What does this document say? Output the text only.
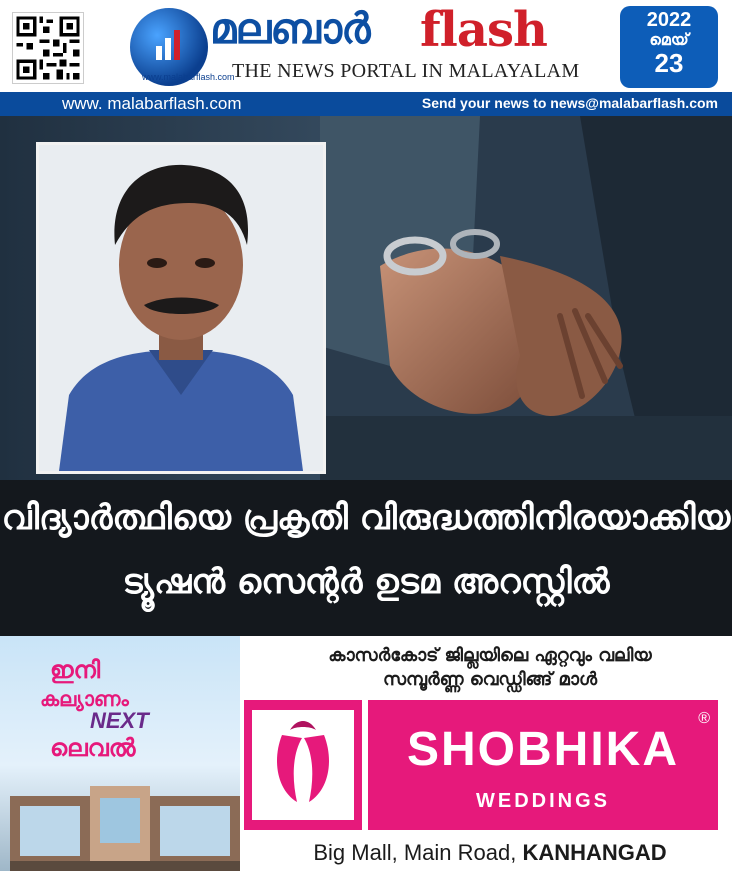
www.malabarflash.com
മലബാർ flash
THE NEWS PORTAL IN MALAYALAM
2022
മെയ്
23
www. malabarflash.com	Send your news to news@malabarflash.com
വിദ്യാർത്ഥിയെ പ്രകൃതി വിരുദ്ധത്തിനിരയാക്കിയ
ട്യൂഷൻ സെന്റർ ഉടമ അറസ്റ്റിൽ
ഇനി
കല്യാണം
NEXT
ലെവൽ
കാസർകോട് ജില്ലയിലെ ഏറ്റവും വലിയ
സമ്പൂർണ്ണ വെഡ്ഡിങ്ങ് മാൾ
®
SHOBHIKA
WEDDINGS
Big Mall, Main Road, KANHANGAD
